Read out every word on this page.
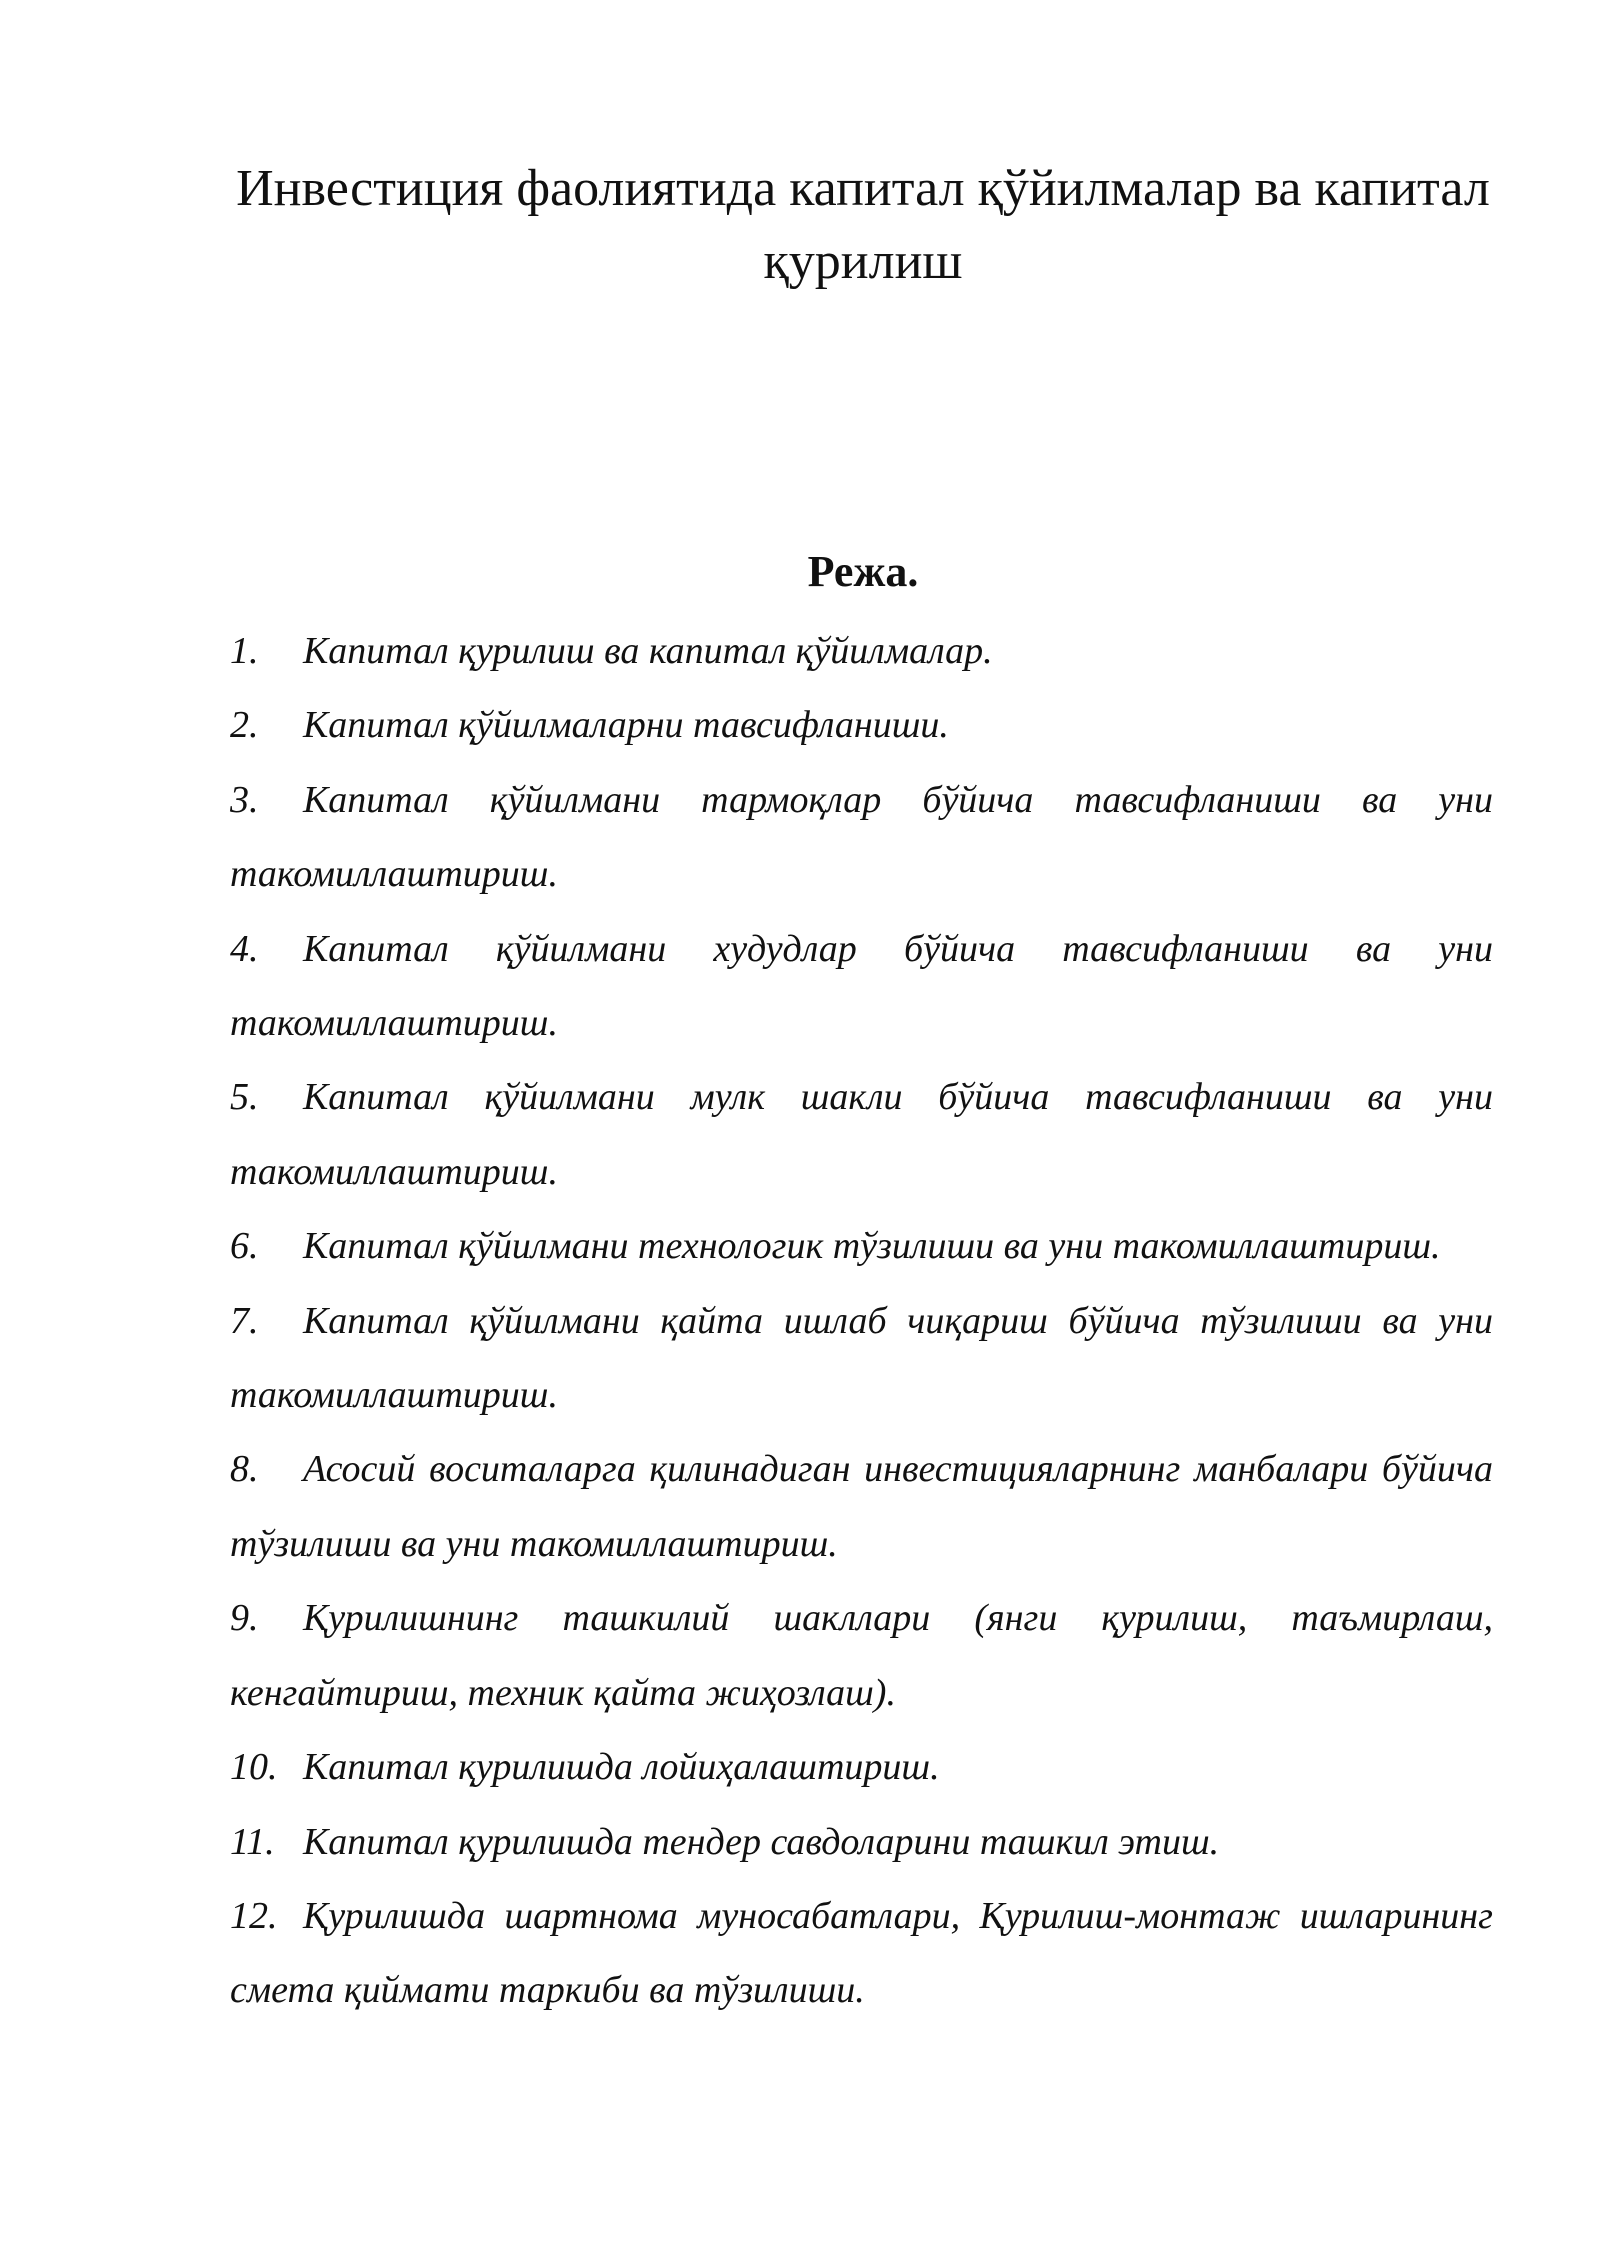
Инвестиция фаолиятида капитал қўйилмалар ва капитал қурилиш
Режа.
1. Капитал қурилиш ва капитал қўйилмалар.
2. Капитал қўйилмаларни тавсифланиши.
3. Капитал қўйилмани тармоқлар бўйича тавсифланиши ва уни такомиллаштириш.
4. Капитал қўйилмани худудлар бўйича тавсифланиши ва уни такомиллаштириш.
5. Капитал қўйилмани мулк шакли бўйича тавсифланиши ва уни такомиллаштириш.
6. Капитал қўйилмани технологик тўзилиши ва уни такомиллаштириш.
7. Капитал қўйилмани қайта ишлаб чиқариш бўйича тўзилиши ва уни такомиллаштириш.
8. Асосий воситаларга қилинадиган инвестицияларнинг манбалари бўйича тўзилиши ва уни такомиллаштириш.
9. Қурилишнинг ташкилий шакллари (янги қурилиш, таъмирлаш, кенгайтириш, техник қайта жиҳозлаш).
10. Капитал қурилишда лойиҳалаштириш.
11. Капитал қурилишда тендер савдоларини ташкил этиш.
12. Қурилишда шартнома муносабатлари, Қурилиш-монтаж ишларининг смета қиймати таркиби ва тўзилиши.
